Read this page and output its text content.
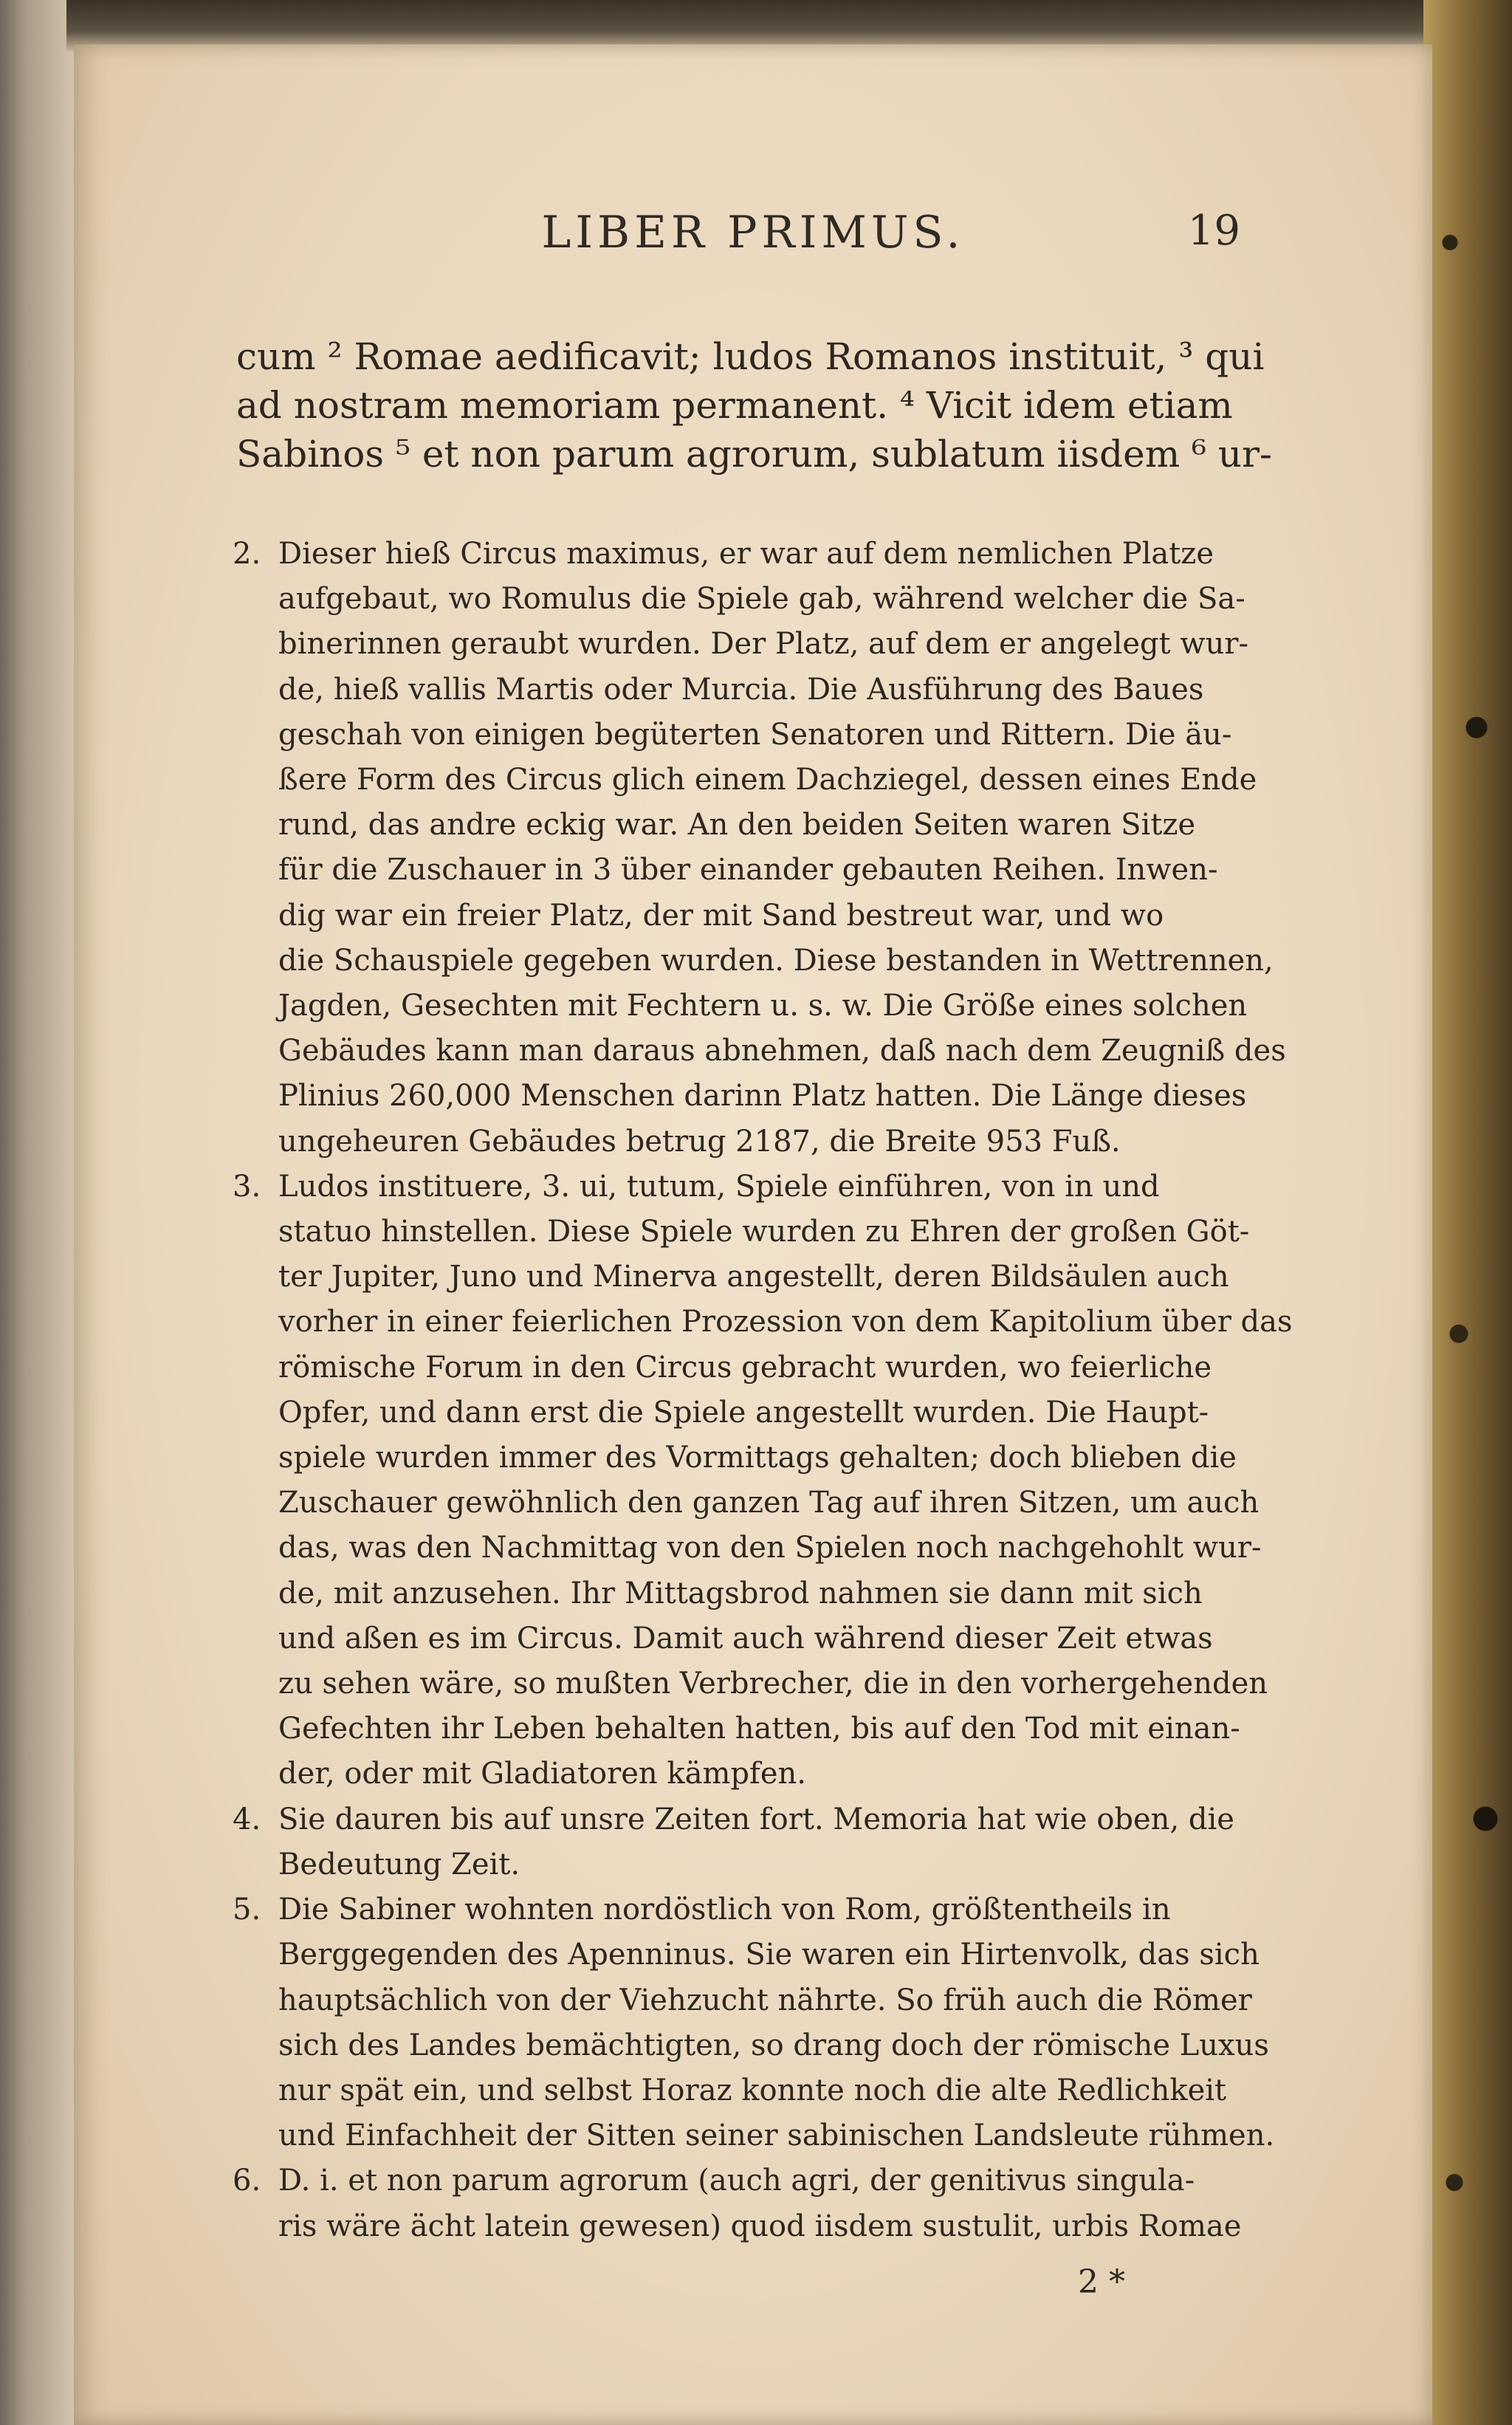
LIBER PRIMUS.	19
cum ² Romae aedificavit; ludos Romanos instituit, ³ qui
ad nostram memoriam permanent. ⁴ Vicit idem etiam
Sabinos ⁵ et non parum agrorum, sublatum iisdem ⁶ ur-
2. Dieser hieß Circus maximus, er war auf dem nemlichen Platze
aufgebaut, wo Romulus die Spiele gab, während welcher die Sa-
binerinnen geraubt wurden. Der Platz, auf dem er angelegt wur-
de, hieß vallis Martis oder Murcia. Die Ausführung des Baues
geschah von einigen begüterten Senatoren und Rittern. Die äu-
ßere Form des Circus glich einem Dachziegel, dessen eines Ende
rund, das andre eckig war. An den beiden Seiten waren Sitze
für die Zuschauer in 3 über einander gebauten Reihen. Inwen-
dig war ein freier Platz, der mit Sand bestreut war, und wo
die Schauspiele gegeben wurden. Diese bestanden in Wettrennen,
Jagden, Gesechten mit Fechtern u. s. w. Die Größe eines solchen
Gebäudes kann man daraus abnehmen, daß nach dem Zeugniß des
Plinius 260,000 Menschen darinn Platz hatten. Die Länge dieses
ungeheuren Gebäudes betrug 2187, die Breite 953 Fuß.
3. Ludos instituere, 3. ui, tutum, Spiele einführen, von in und
statuo hinstellen. Diese Spiele wurden zu Ehren der großen Göt-
ter Jupiter, Juno und Minerva angestellt, deren Bildsäulen auch
vorher in einer feierlichen Prozession von dem Kapitolium über das
römische Forum in den Circus gebracht wurden, wo feierliche
Opfer, und dann erst die Spiele angestellt wurden. Die Haupt-
spiele wurden immer des Vormittags gehalten; doch blieben die
Zuschauer gewöhnlich den ganzen Tag auf ihren Sitzen, um auch
das, was den Nachmittag von den Spielen noch nachgehohlt wur-
de, mit anzusehen. Ihr Mittagsbrod nahmen sie dann mit sich
und aßen es im Circus. Damit auch während dieser Zeit etwas
zu sehen wäre, so mußten Verbrecher, die in den vorhergehenden
Gefechten ihr Leben behalten hatten, bis auf den Tod mit einan-
der, oder mit Gladiatoren kämpfen.
4. Sie dauren bis auf unsre Zeiten fort. Memoria hat wie oben, die
Bedeutung Zeit.
5. Die Sabiner wohnten nordöstlich von Rom, größtentheils in
Berggegenden des Apenninus. Sie waren ein Hirtenvolk, das sich
hauptsächlich von der Viehzucht nährte. So früh auch die Römer
sich des Landes bemächtigten, so drang doch der römische Luxus
nur spät ein, und selbst Horaz konnte noch die alte Redlichkeit
und Einfachheit der Sitten seiner sabinischen Landsleute rühmen.
6. D. i. et non parum agrorum (auch agri, der genitivus singula-
ris wäre ächt latein gewesen) quod iisdem sustulit, urbis Romae
2 *
